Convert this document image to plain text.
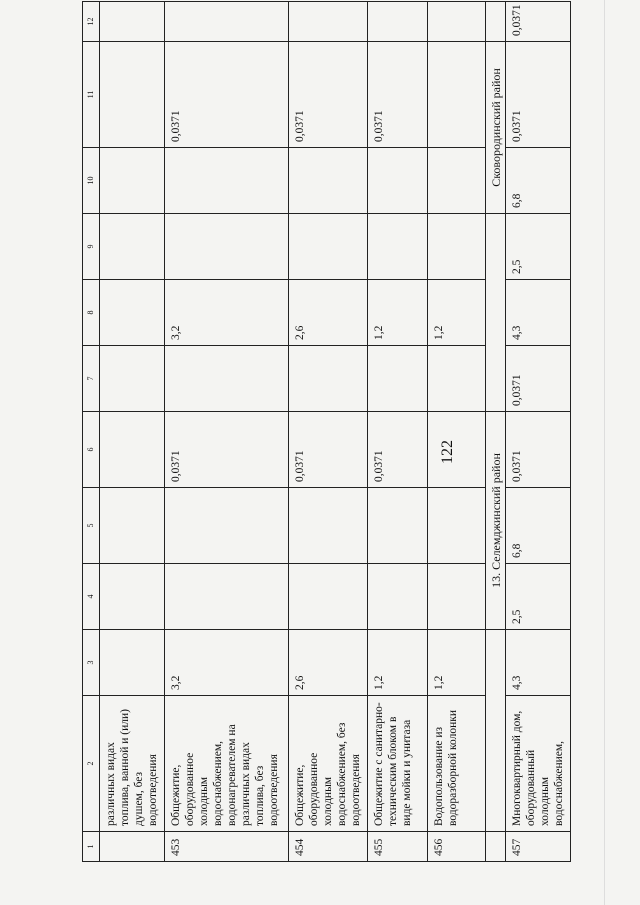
122
1	2	3	4	5	6	7	8	9	10	11	12
	различных видах топлива, ванной и (или) душем, без водоотведения										
453	Общежитие, оборудованное холодным водоснабжением, водонагревателем на различных видах топлива, без водоотведения	3,2			0,0371		3,2			0,0371	
454	Общежитие, оборудованное холодным водоснабжением, без водоотведения	2,6			0,0371		2,6			0,0371	
455	Общежитие с санитарно-техническим блоком в виде мойки и унитаза	1,2			0,0371		1,2			0,0371	
456	Водопользование из водоразборной колонки	1,2					1,2				
			13. Селемджинский район						Сковородинский район		
457	Многоквартирный дом, оборудованный холодным водоснабжением,	4,3	2,5	6,8	0,0371	0,0371	4,3	2,5	6,8	0,0371	0,0371
